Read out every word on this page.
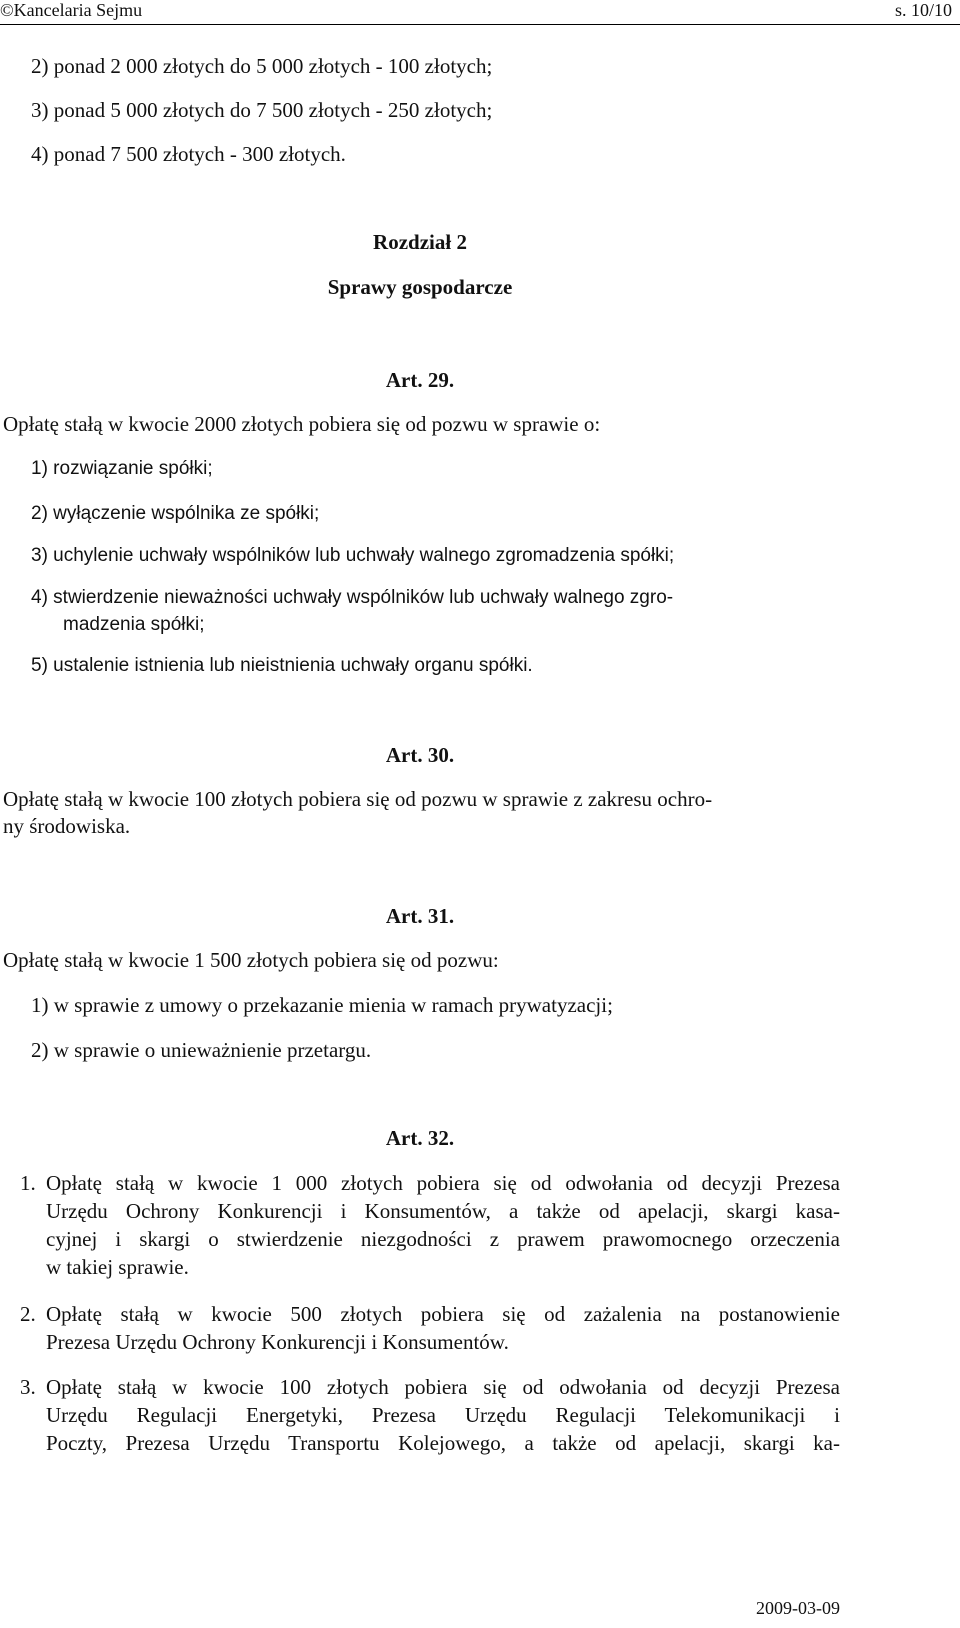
©Kancelaria Sejmu	s. 10/10
2) ponad 2 000 złotych do 5 000 złotych - 100 złotych;
3) ponad 5 000 złotych do 7 500 złotych - 250 złotych;
4) ponad 7 500 złotych - 300 złotych.
Rozdział 2
Sprawy gospodarcze
Art. 29.
Opłatę stałą w kwocie 2000 złotych pobiera się od pozwu w sprawie o:
1) rozwiązanie spółki;
2) wyłączenie wspólnika ze spółki;
3) uchylenie uchwały wspólników lub uchwały walnego zgromadzenia spółki;
4) stwierdzenie nieważności uchwały wspólników lub uchwały walnego zgro-
madzenia spółki;
5) ustalenie istnienia lub nieistnienia uchwały organu spółki.
Art. 30.
Opłatę stałą w kwocie 100 złotych pobiera się od pozwu w sprawie z zakresu ochro-
ny środowiska.
Art. 31.
Opłatę stałą w kwocie 1 500 złotych pobiera się od pozwu:
1) w sprawie z umowy o przekazanie mienia w ramach prywatyzacji;
2) w sprawie o unieważnienie przetargu.
Art. 32.
1. Opłatę stałą w kwocie 1 000 złotych pobiera się od odwołania od decyzji Prezesa
Urzędu Ochrony Konkurencji i Konsumentów, a także od apelacji, skargi kasa-
cyjnej i skargi o stwierdzenie niezgodności z prawem prawomocnego orzeczenia
w takiej sprawie.
2. Opłatę stałą w kwocie 500 złotych pobiera się od zażalenia na postanowienie
Prezesa Urzędu Ochrony Konkurencji i Konsumentów.
3. Opłatę stałą w kwocie 100 złotych pobiera się od odwołania od decyzji Prezesa
Urzędu Regulacji Energetyki, Prezesa Urzędu Regulacji Telekomunikacji i
Poczty, Prezesa Urzędu Transportu Kolejowego, a także od apelacji, skargi ka-
2009-03-09
